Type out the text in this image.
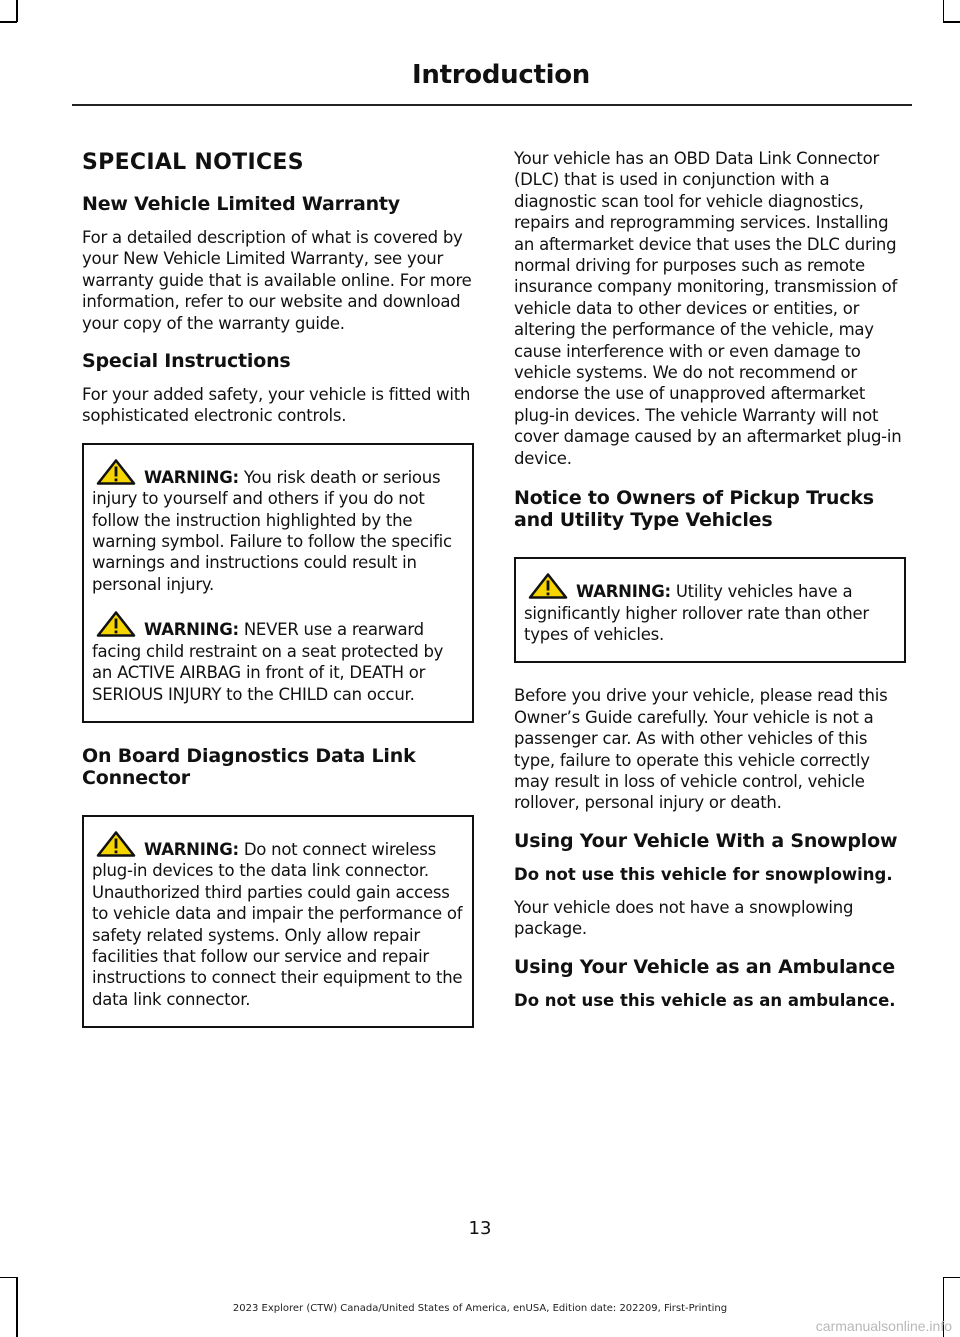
Introduction
SPECIAL NOTICES
New Vehicle Limited Warranty

For a detailed description of what is covered by your New Vehicle Limited Warranty, see your warranty guide that is available online. For more information, refer to our website and download your copy of the warranty guide.

Special Instructions

For your added safety, your vehicle is fitted with sophisticated electronic controls.

WARNING: You risk death or serious injury to yourself and others if you do not follow the instruction highlighted by the warning symbol. Failure to follow the specific warnings and instructions could result in personal injury.

WARNING: NEVER use a rearward facing child restraint on a seat protected by an ACTIVE AIRBAG in front of it, DEATH or SERIOUS INJURY to the CHILD can occur.

On Board Diagnostics Data Link Connector

WARNING: Do not connect wireless plug-in devices to the data link connector. Unauthorized third parties could gain access to vehicle data and impair the performance of safety related systems. Only allow repair facilities that follow our service and repair instructions to connect their equipment to the data link connector.

Your vehicle has an OBD Data Link Connector (DLC) that is used in conjunction with a diagnostic scan tool for vehicle diagnostics, repairs and reprogramming services. Installing an aftermarket device that uses the DLC during normal driving for purposes such as remote insurance company monitoring, transmission of vehicle data to other devices or entities, or altering the performance of the vehicle, may cause interference with or even damage to vehicle systems. We do not recommend or endorse the use of unapproved aftermarket plug-in devices. The vehicle Warranty will not cover damage caused by an aftermarket plug-in device.

Notice to Owners of Pickup Trucks and Utility Type Vehicles

WARNING: Utility vehicles have a significantly higher rollover rate than other types of vehicles.

Before you drive your vehicle, please read this Owner’s Guide carefully. Your vehicle is not a passenger car. As with other vehicles of this type, failure to operate this vehicle correctly may result in loss of vehicle control, vehicle rollover, personal injury or death.

Using Your Vehicle With a Snowplow
Do not use this vehicle for snowplowing.

Your vehicle does not have a snowplowing package.

Using Your Vehicle as an Ambulance
Do not use this vehicle as an ambulance.
13
2023 Explorer (CTW) Canada/United States of America, enUSA, Edition date: 202209, First-Printing
carmanualsonline.info
